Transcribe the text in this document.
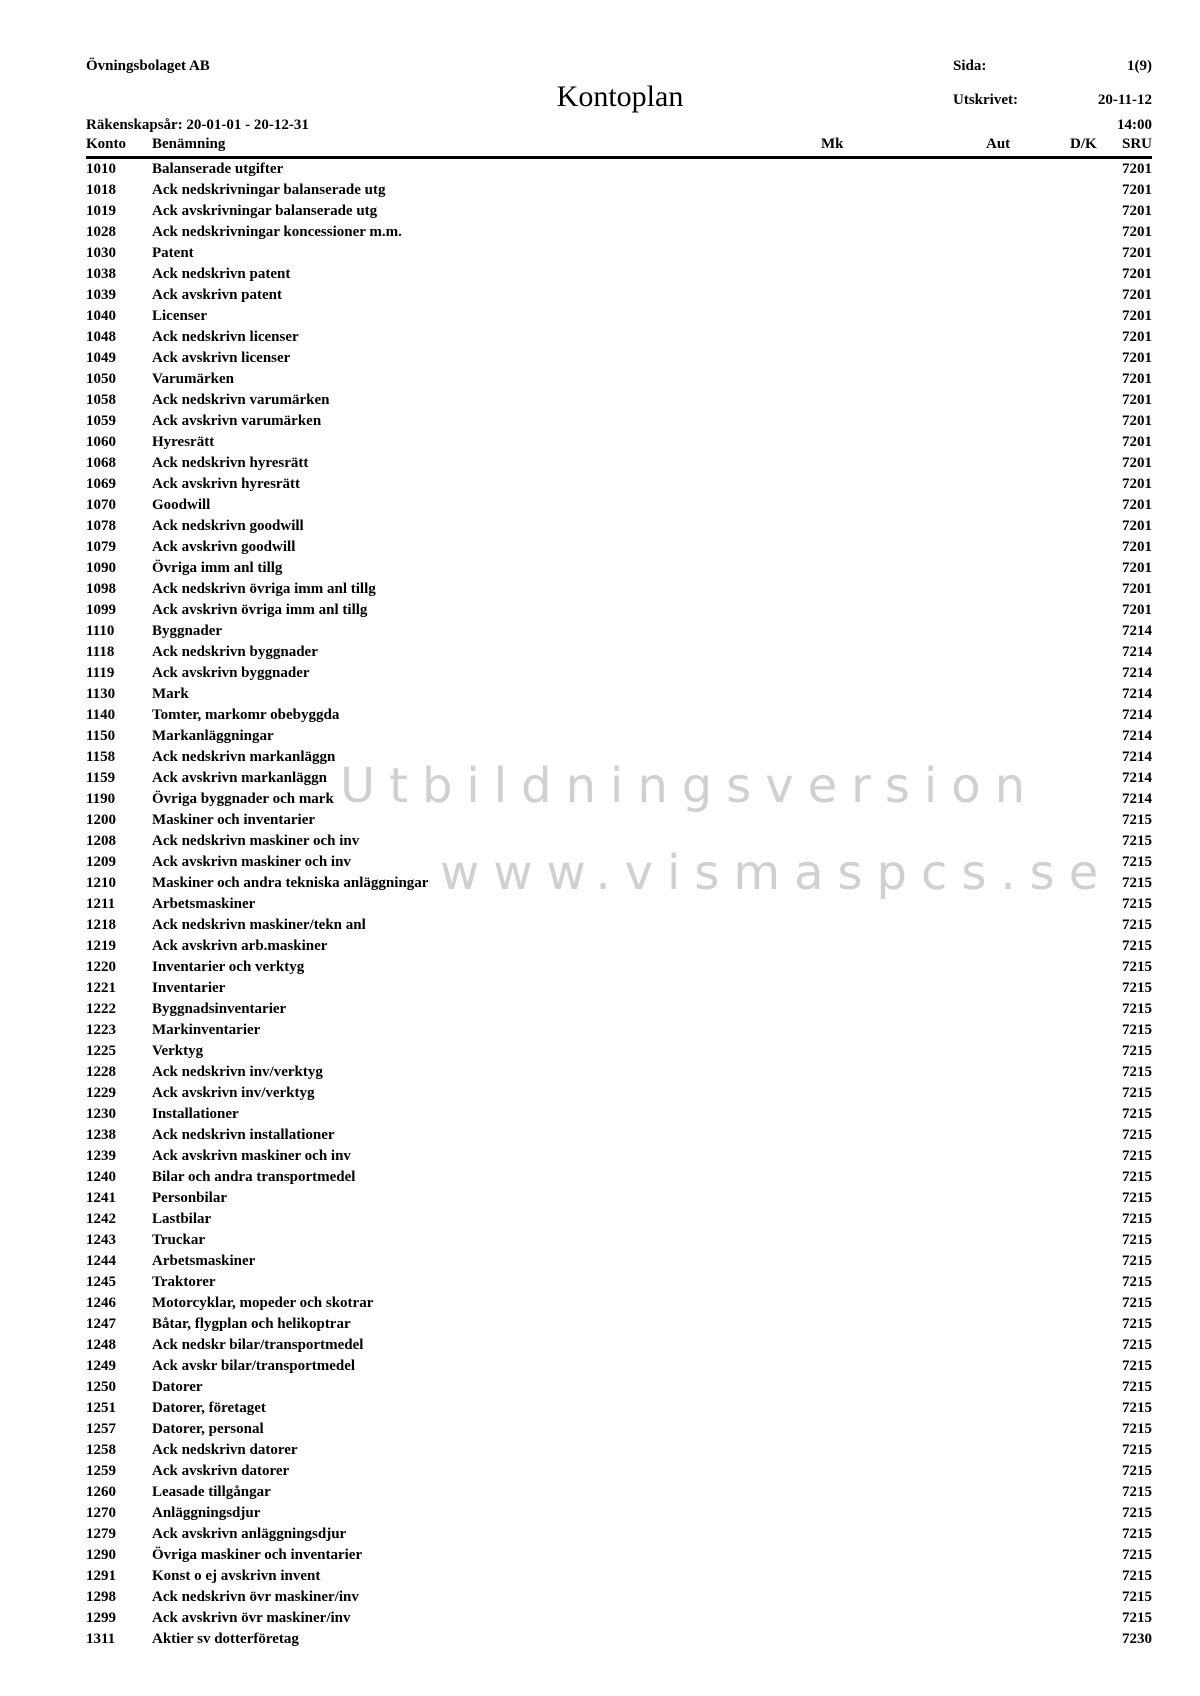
Övningsbolaget AB
Kontoplan
Sida:	1(9)
Utskrivet:	20-11-12
Räkenskapsår: 20-01-01 - 20-12-31	14:00
Konto Benämning	Mk	Aut	D/K SRU
1010 Balanserade utgifter	7201
1018 Ack nedskrivningar balanserade utg	7201
1019 Ack avskrivningar balanserade utg	7201
1028 Ack nedskrivningar koncessioner m.m.	7201
1030 Patent	7201
1038 Ack nedskrivn patent	7201
1039 Ack avskrivn patent	7201
1040 Licenser	7201
1048 Ack nedskrivn licenser	7201
1049 Ack avskrivn licenser	7201
1050 Varumärken	7201
1058 Ack nedskrivn varumärken	7201
1059 Ack avskrivn varumärken	7201
1060 Hyresrätt	7201
1068 Ack nedskrivn hyresrätt	7201
1069 Ack avskrivn hyresrätt	7201
1070 Goodwill	7201
1078 Ack nedskrivn goodwill	7201
1079 Ack avskrivn goodwill	7201
1090 Övriga imm anl tillg	7201
1098 Ack nedskrivn övriga imm anl tillg	7201
1099 Ack avskrivn övriga imm anl tillg	7201
1110	Byggnader	7214
1118	Ack nedskrivn byggnader	7214
1119	Ack avskrivn byggnader	7214
1130 Mark	7214
1140 Tomter, markomr obebyggda	7214
1150 Markanläggningar	7214
1158 Ack nedskrivn markanläggn	7214
1159 Ack avskrivn markanläggn	7214
1190 Övriga byggnader och mark	7214
1200 Maskiner och inventarier	7215
1208 Ack nedskrivn maskiner och inv	7215
1209 Ack avskrivn maskiner och inv	7215
1210 Maskiner och andra tekniska anläggningar	7215
1211 Arbetsmaskiner	7215
1218 Ack nedskrivn maskiner/tekn anl	7215
1219 Ack avskrivn arb.maskiner	7215
1220 Inventarier och verktyg	7215
1221 Inventarier	7215
1222 Byggnadsinventarier	7215
1223 Markinventarier	7215
1225 Verktyg	7215
1228 Ack nedskrivn inv/verktyg	7215
1229 Ack avskrivn inv/verktyg	7215
1230 Installationer	7215
1238 Ack nedskrivn installationer	7215
1239 Ack avskrivn maskiner och inv	7215
1240 Bilar och andra transportmedel	7215
1241 Personbilar	7215
1242 Lastbilar	7215
1243 Truckar	7215
1244 Arbetsmaskiner	7215
1245 Traktorer	7215
1246 Motorcyklar, mopeder och skotrar	7215
1247 Båtar, flygplan och helikoptrar	7215
1248 Ack nedskr bilar/transportmedel	7215
1249 Ack avskr bilar/transportmedel	7215
1250 Datorer	7215
1251 Datorer, företaget	7215
1257 Datorer, personal	7215
1258 Ack nedskrivn datorer	7215
1259 Ack avskrivn datorer	7215
1260 Leasade tillgångar	7215
1270 Anläggningsdjur	7215
1279 Ack avskrivn anläggningsdjur	7215
1290 Övriga maskiner och inventarier	7215
1291 Konst o ej avskrivn invent	7215
1298 Ack nedskrivn övr maskiner/inv	7215
1299 Ack avskrivn övr maskiner/inv	7215
1311 Aktier sv dotterföretag	7230
Utbildningsversion
www.vismaspcs.se
